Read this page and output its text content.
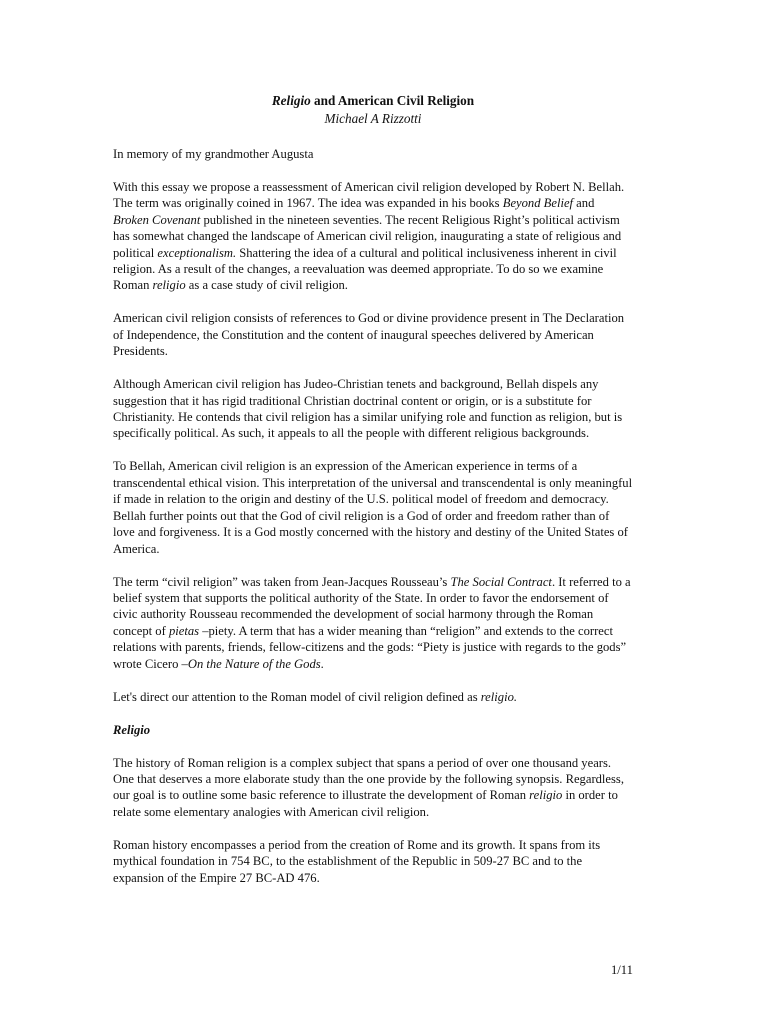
Religio and American Civil Religion
Michael A Rizzotti

In memory of my grandmother Augusta

With this essay we propose a reassessment of American civil religion developed by Robert N. Bellah. The term was originally coined in 1967. The idea was expanded in his books Beyond Belief and Broken Covenant published in the nineteen seventies. The recent Religious Right’s political activism has somewhat changed the landscape of American civil religion, inaugurating a state of religious and political exceptionalism. Shattering the idea of a cultural and political inclusiveness inherent in civil religion. As a result of the changes, a reevaluation was deemed appropriate. To do so we examine Roman religio as a case study of civil religion.

American civil religion consists of references to God or divine providence present in The Declaration of Independence, the Constitution and the content of inaugural speeches delivered by American Presidents.

Although American civil religion has Judeo-Christian tenets and background, Bellah dispels any suggestion that it has rigid traditional Christian doctrinal content or origin, or is a substitute for Christianity. He contends that civil religion has a similar unifying role and function as religion, but is specifically political. As such, it appeals to all the people with different religious backgrounds.

To Bellah, American civil religion is an expression of the American experience in terms of a transcendental ethical vision. This interpretation of the universal and transcendental is only meaningful if made in relation to the origin and destiny of the U.S. political model of freedom and democracy. Bellah further points out that the God of civil religion is a God of order and freedom rather than of love and forgiveness. It is a God mostly concerned with the history and destiny of the United States of America.

The term “civil religion” was taken from Jean-Jacques Rousseau’s The Social Contract. It referred to a belief system that supports the political authority of the State. In order to favor the endorsement of civic authority Rousseau recommended the development of social harmony through the Roman concept of pietas –piety. A term that has a wider meaning than “religion” and extends to the correct relations with parents, friends, fellow-citizens and the gods: “Piety is justice with regards to the gods” wrote Cicero –On the Nature of the Gods.

Let's direct our attention to the Roman model of civil religion defined as religio.

Religio

The history of Roman religion is a complex subject that spans a period of over one thousand years. One that deserves a more elaborate study than the one provide by the following synopsis. Regardless, our goal is to outline some basic reference to illustrate the development of Roman religio in order to relate some elementary analogies with American civil religion.

Roman history encompasses a period from the creation of Rome and its growth. It spans from its mythical foundation in 754 BC, to the establishment of the Republic in 509-27 BC and to the expansion of the Empire 27 BC-AD 476.

1/11
